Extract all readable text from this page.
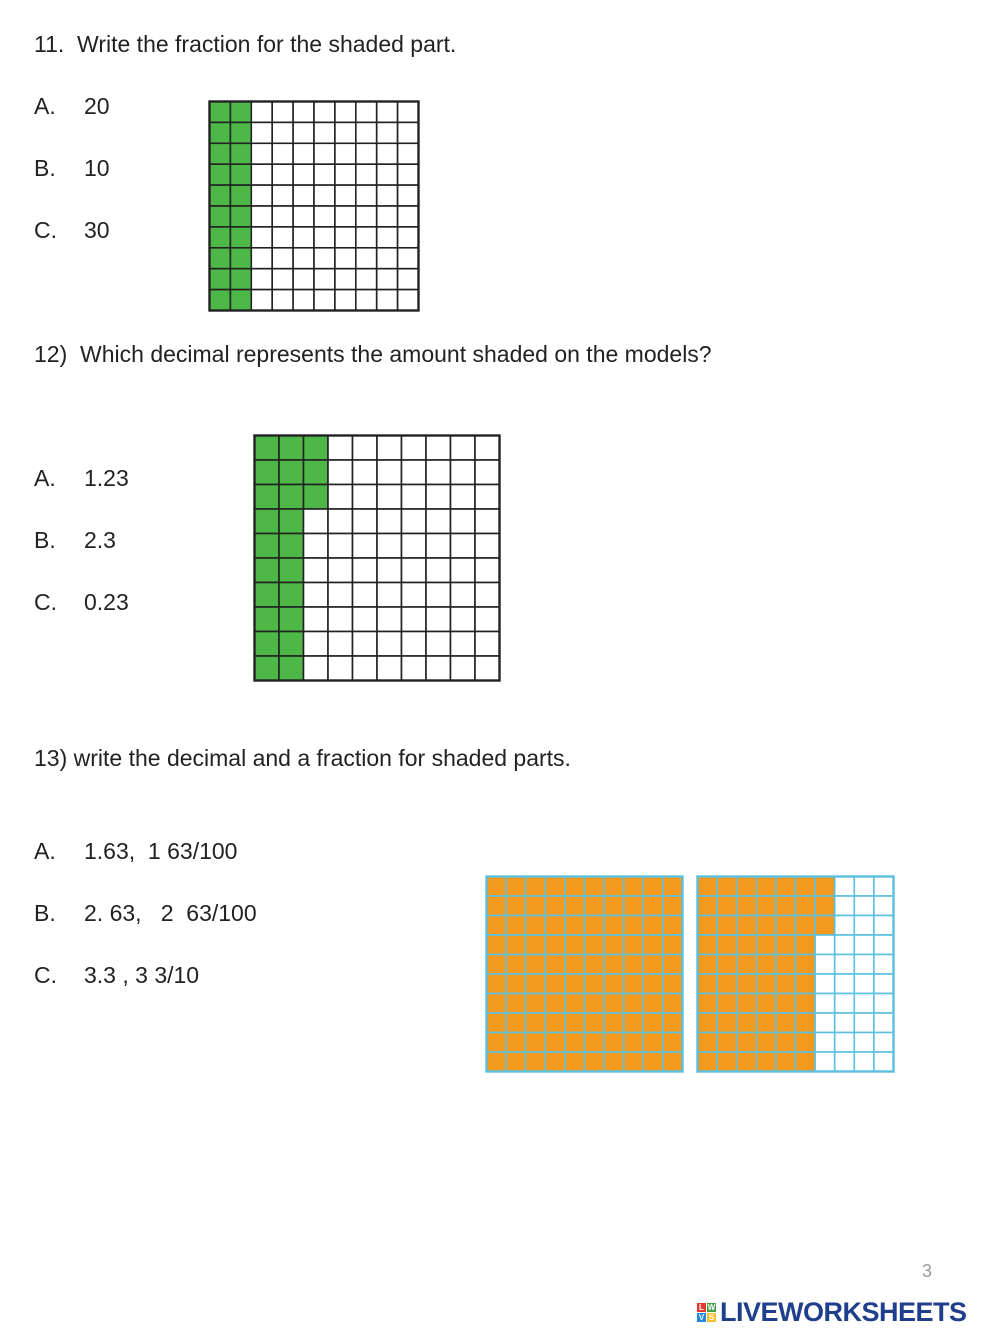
11.  Write the fraction for the shaded part.
A. 20
B. 10
C. 30
12)  Which decimal represents the amount shaded on the models?
A. 1.23
B. 2.3
C. 0.23
13) write the decimal and a fraction for shaded parts.
A. 1.63,  1 63/100
B. 2. 63,   2  63/100
C. 3.3 , 3 3/10
3
L W
V S LIVEWORKSHEETS
